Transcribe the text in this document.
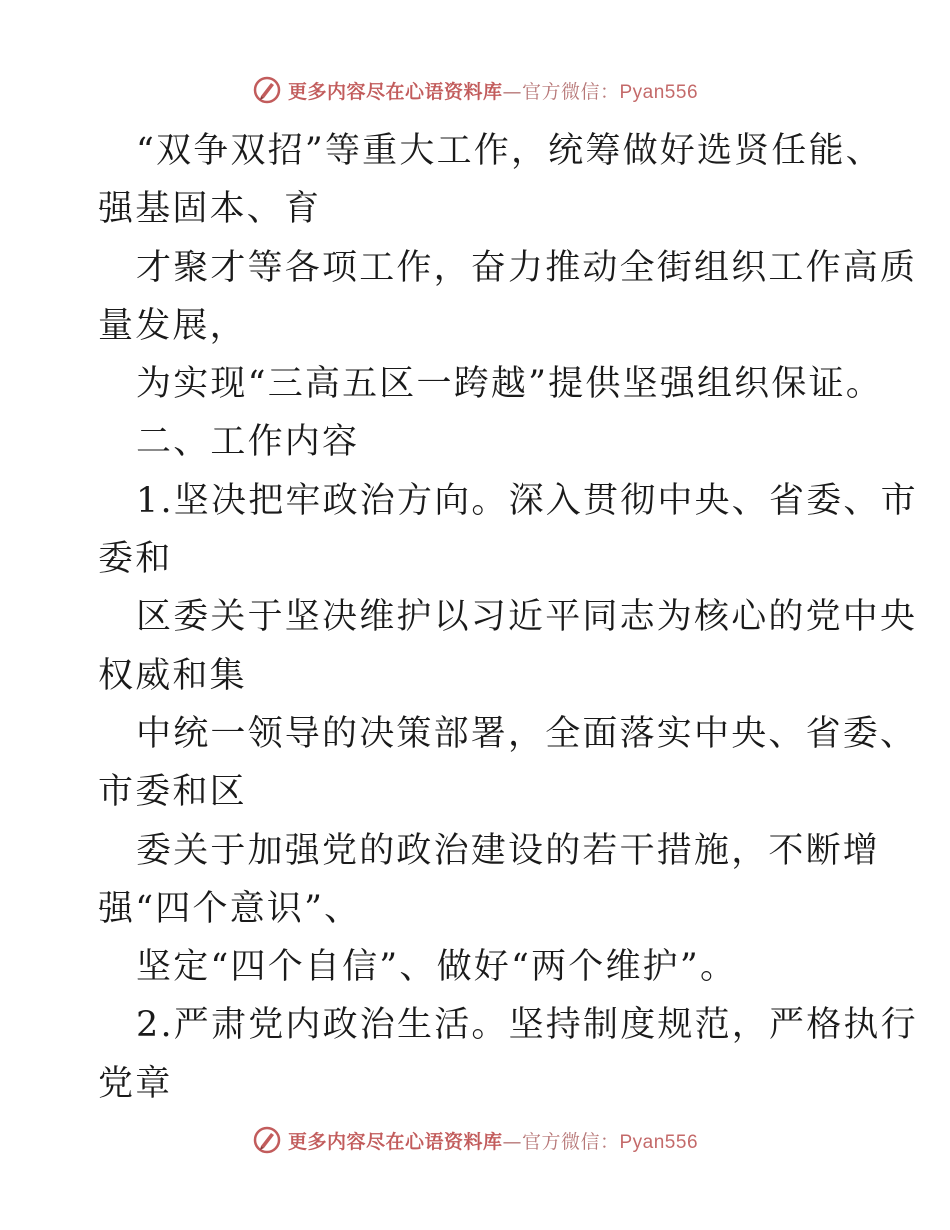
更多内容尽在心语资料库—官方微信：Pyan556
“双争双招”等重大工作，统筹做好选贤任能、
强基固本、育
才聚才等各项工作，奋力推动全街组织工作高质
量发展，
为实现“三高五区一跨越”提供坚强组织保证。
二、工作内容
1.坚决把牢政治方向。深入贯彻中央、省委、市
委和
区委关于坚决维护以习近平同志为核心的党中央
权威和集
中统一领导的决策部署，全面落实中央、省委、
市委和区
委关于加强党的政治建设的若干措施，不断增
强“四个意识”、
坚定“四个自信”、做好“两个维护”。
2.严肃党内政治生活。坚持制度规范，严格执行
党章
更多内容尽在心语资料库—官方微信：Pyan556
